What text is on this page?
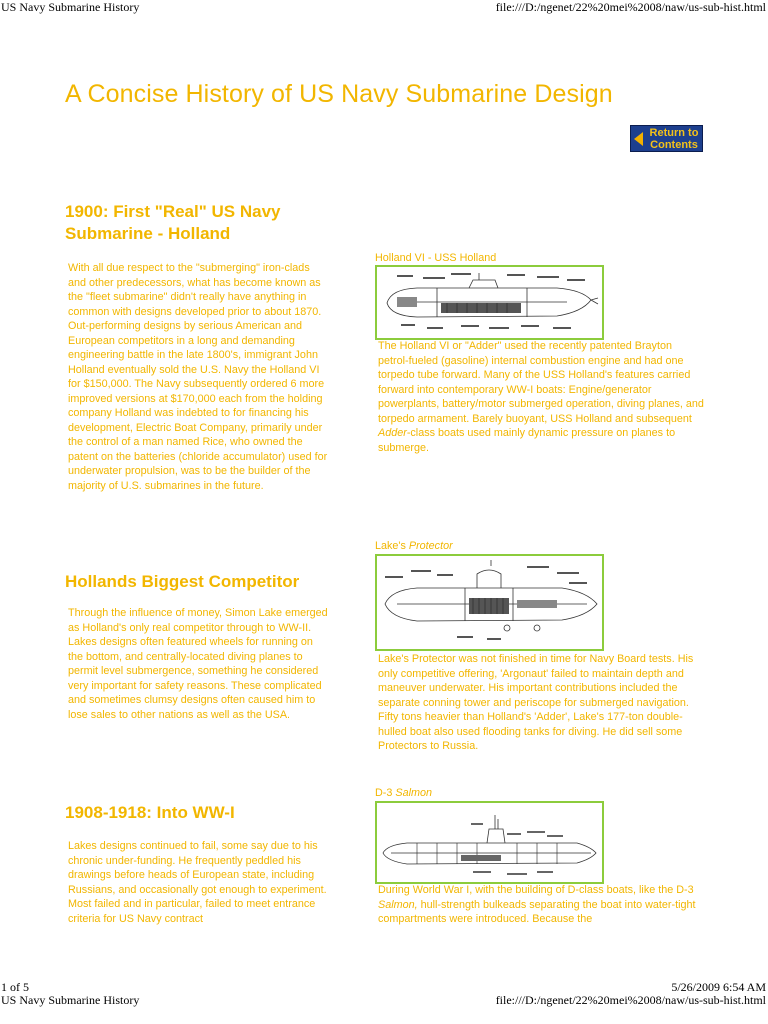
US Navy Submarine History	file:///D:/ngenet/22%20mei%2008/naw/us-sub-hist.html
A Concise History of US Navy Submarine Design
Return to
Contents
1900: First "Real" US Navy
Submarine - Holland

With all due respect to the "submerging" iron-clads and other predecessors, what has become known as the "fleet submarine" didn't really have anything in common with designs developed prior to about 1870.

Out-performing designs by serious American and European competitors in a long and demanding engineering battle in the late 1800's, immigrant John Holland eventually sold the U.S. Navy the Holland VI for $150,000. The Navy subsequently ordered 6 more improved versions at $170,000 each from the holding company Holland was indebted to for financing his development, Electric Boat Company, primarily under the control of a man named Rice, who owned the patent on the batteries (chloride accumulator) used for underwater propulsion, was to be the builder of the majority of U.S. submarines in the future.

Holland VI - USS Holland
The Holland VI or "Adder" used the recently patented Brayton petrol-fueled (gasoline) internal combustion engine and had one torpedo tube forward. Many of the USS Holland's features carried forward into contemporary WW-I boats: Engine/generator powerplants, battery/motor submerged operation, diving planes, and torpedo armament. Barely buoyant, USS Holland and subsequent Adder-class boats used mainly dynamic pressure on planes to submerge.
Lake's Protector
Lake's Protector was not finished in time for Navy Board tests. His only competitive offering, 'Argonaut' failed to maintain depth and maneuver underwater. His important contributions included the separate conning tower and periscope for submerged navigation. Fifty tons heavier than Holland's 'Adder', Lake's 177-ton double-hulled boat also used flooding tanks for diving. He did sell some Protectors to Russia.
Hollands Biggest Competitor

Through the influence of money, Simon Lake emerged as Holland's only real competitor through to WW-II.

Lakes designs often featured wheels for running on the bottom, and centrally-located diving planes to permit level submergence, something he considered very important for safety reasons. These complicated and sometimes clumsy designs often caused him to lose sales to other nations as well as the USA.

D-3 Salmon
During World War I, with the building of D-class boats, like the D-3 Salmon, hull-strength bulkeads separating the boat into water-tight compartments were introduced. Because the
1908-1918: Into WW-I

Lakes designs continued to fail, some say due to his chronic under-funding. He frequently peddled his drawings before heads of European state, including Russians, and occasionally got enough to experiment. Most failed and in particular, failed to meet entrance criteria for US Navy contract

1 of 5	5/26/2009 6:54 AM
US Navy Submarine History	file:///D:/ngenet/22%20mei%2008/naw/us-sub-hist.html
